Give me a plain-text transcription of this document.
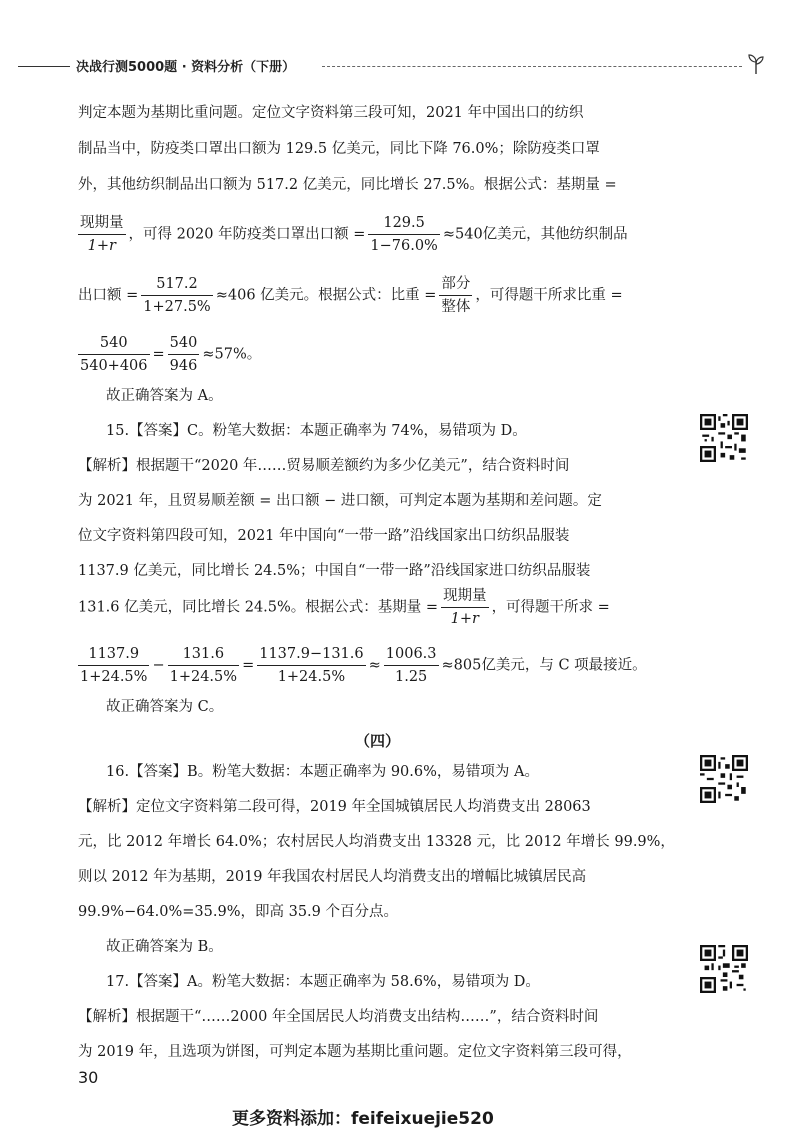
决战行测5000题 · 资料分析（下册）
判定本题为基期比重问题。定位文字资料第三段可知，2021 年中国出口的纺织
制品当中，防疫类口罩出口额为 129.5 亿美元，同比下降 76.0%；除防疫类口罩
外，其他纺织制品出口额为 517.2 亿美元，同比增长 27.5%。根据公式：基期量 =
$\frac{\text{现期量}}{1+r}$ ，可得 2020 年防疫类口罩出口额 = $\frac{129.5}{1-76.0\%} \approx 540$亿美元，其他纺织制品
出口额 = $\frac{517.2}{1+27.5\%} \approx 406$ 亿美元。根据公式：比重 = $\frac{\text{部分}}{\text{整体}}$ ，可得题干所求比重 =
$\frac{540}{540+406} = \frac{540}{946} \approx 57\%$。
故正确答案为 A。
15.【答案】C。粉笔大数据：本题正确率为 74%，易错项为 D。
【解析】根据题干“2020 年……贸易顺差额约为多少亿美元”，结合资料时间
为 2021 年，且贸易顺差额 = 出口额 − 进口额，可判定本题为基期和差问题。定
位文字资料第四段可知，2021 年中国向“一带一路”沿线国家出口纺织品服装
1137.9 亿美元，同比增长 24.5%；中国自“一带一路”沿线国家进口纺织品服装
131.6 亿美元，同比增长 24.5%。根据公式：基期量 = $\frac{\text{现期量}}{1+r}$ ，可得题干所求 =
$\frac{1137.9}{1+24.5\%} - \frac{131.6}{1+24.5\%} = \frac{1137.9-131.6}{1+24.5\%} \approx \frac{1006.3}{1.25} \approx 805$亿美元，与 C 项最接近。
故正确答案为 C。
（四）
16.【答案】B。粉笔大数据：本题正确率为 90.6%，易错项为 A。
【解析】定位文字资料第二段可得，2019 年全国城镇居民人均消费支出 28063
元，比 2012 年增长 64.0%；农村居民人均消费支出 13328 元，比 2012 年增长 99.9%，
则以 2012 年为基期，2019 年我国农村居民人均消费支出的增幅比城镇居民高
99.9%−64.0%=35.9%，即高 35.9 个百分点。
故正确答案为 B。
17.【答案】A。粉笔大数据：本题正确率为 58.6%，易错项为 D。
【解析】根据题干“……2000 年全国居民人均消费支出结构……”，结合资料时间
为 2019 年，且选项为饼图，可判定本题为基期比重问题。定位文字资料第三段可得，
30
更多资料添加：feifeixuejie520
